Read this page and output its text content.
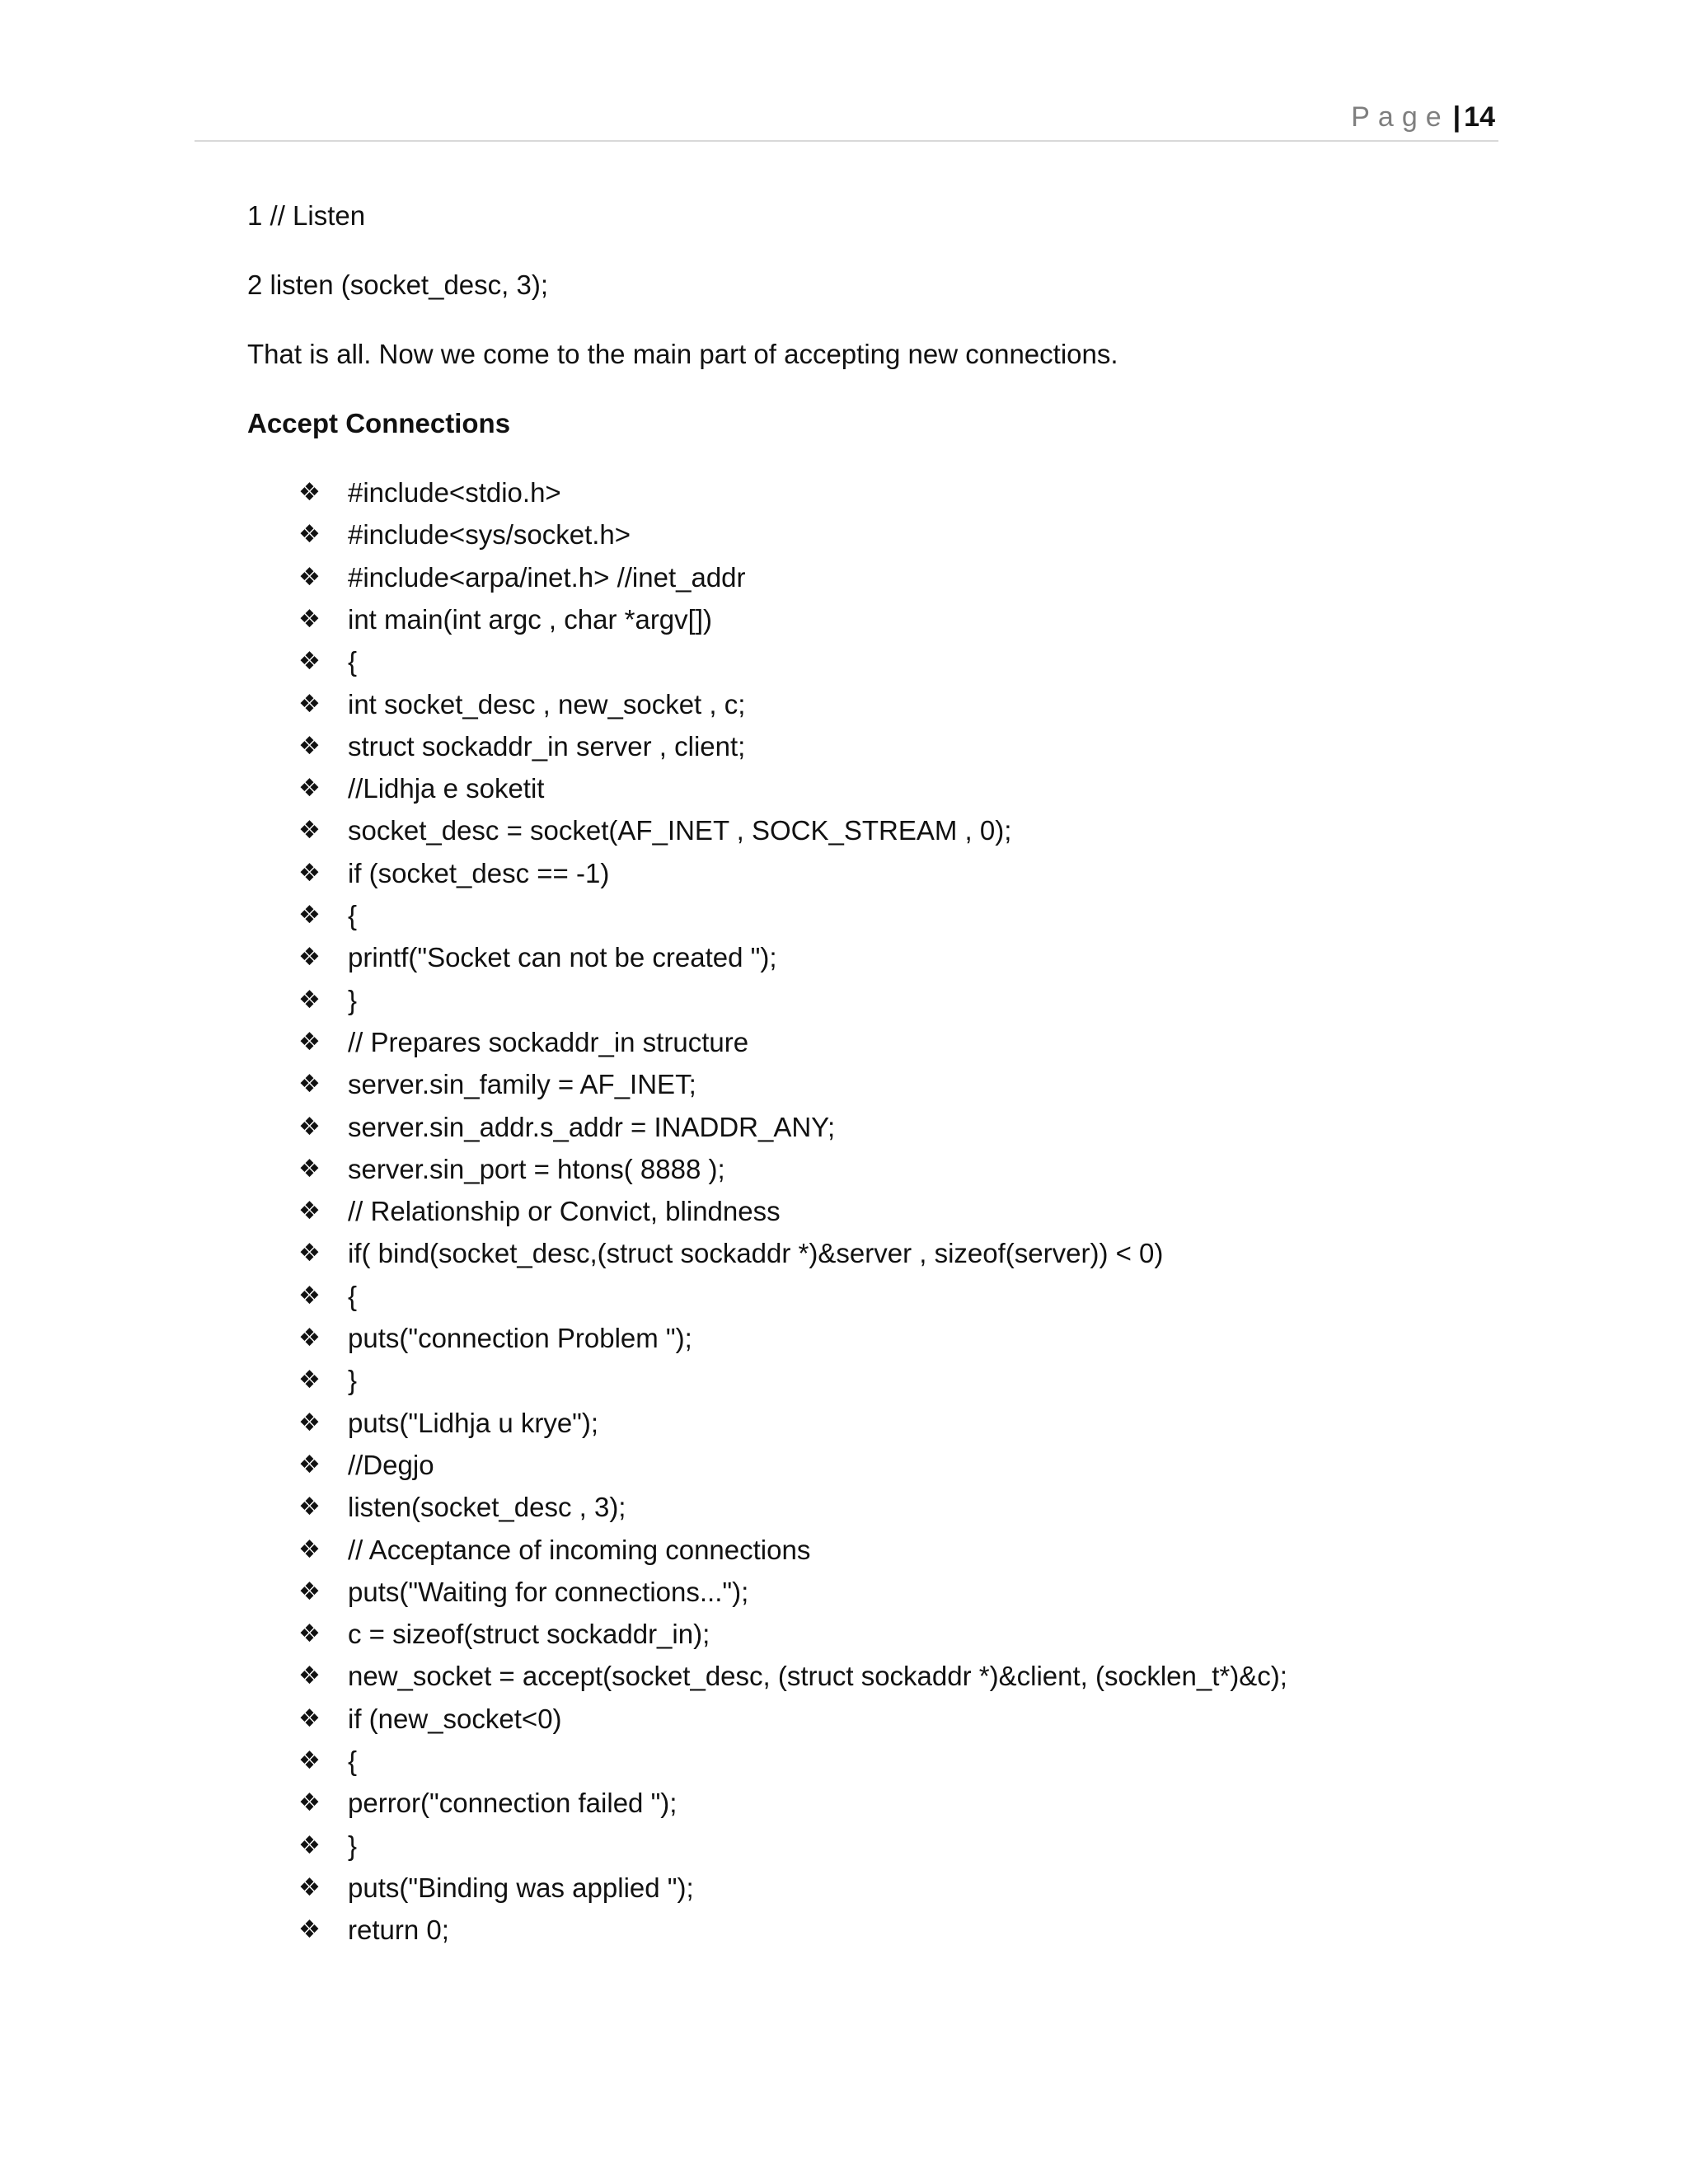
Page | 14
1 // Listen
2 listen (socket_desc, 3);
That is all. Now we come to the main part of accepting new connections.
Accept Connections
❖ #include<stdio.h>
❖ #include<sys/socket.h>
❖ #include<arpa/inet.h> //inet_addr
❖ int main(int argc , char *argv[])
❖ {
❖ int socket_desc , new_socket , c;
❖ struct sockaddr_in server , client;
❖ //Lidhja e soketit
❖ socket_desc = socket(AF_INET , SOCK_STREAM , 0);
❖ if (socket_desc == -1)
❖ {
❖ printf("Socket can not be created ");
❖ }
❖ // Prepares sockaddr_in structure
❖ server.sin_family = AF_INET;
❖ server.sin_addr.s_addr = INADDR_ANY;
❖ server.sin_port = htons( 8888 );
❖ // Relationship or Convict, blindness
❖ if( bind(socket_desc,(struct sockaddr *)&server , sizeof(server)) < 0)
❖ {
❖ puts("connection Problem ");
❖ }
❖ puts("Lidhja u krye");
❖ //Degjo
❖ listen(socket_desc , 3);
❖ // Acceptance of incoming connections
❖ puts("Waiting for connections...");
❖ c = sizeof(struct sockaddr_in);
❖ new_socket = accept(socket_desc, (struct sockaddr *)&client, (socklen_t*)&c);
❖ if (new_socket<0)
❖ {
❖ perror("connection failed ");
❖ }
❖ puts("Binding was applied ");
❖ return 0;
